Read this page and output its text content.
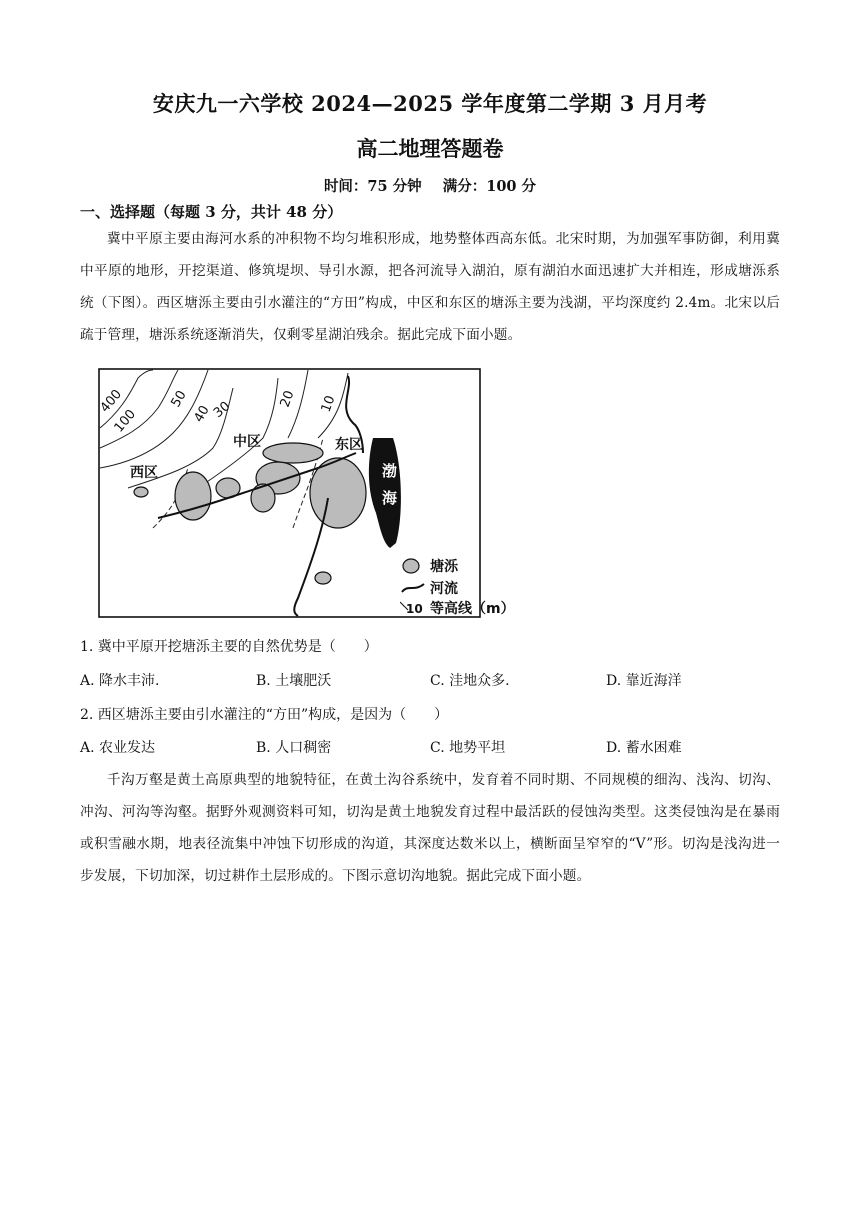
安庆九一六学校 2024—2025 学年度第二学期 3 月月考
高二地理答题卷
时间：75 分钟 满分：100 分
一、选择题（每题 3 分，共计 48 分）
冀中平原主要由海河水系的冲积物不均匀堆积形成，地势整体西高东低。北宋时期，为加强军事防御，利用冀中平原的地形，开挖渠道、修筑堤坝、导引水源，把各河流导入湖泊，原有湖泊水面迅速扩大并相连，形成塘泺系统（下图）。西区塘泺主要由引水灌注的“方田”构成，中区和东区的塘泺主要为浅湖，平均深度约 2.4m。北宋以后疏于管理，塘泺系统逐渐消失，仅剩零星湖泊残余。据此完成下面小题。
渤
海
400
100
50
40
30	20 10
西区
中区	东区
塘泺
河流
10 等高线（m）
1. 冀中平原开挖塘泺主要的自然优势是（　　）
A. 降水丰沛.	B. 土壤肥沃	C. 洼地众多.	D. 靠近海洋
2. 西区塘泺主要由引水灌注的“方田”构成，是因为（　　）
A. 农业发达	B. 人口稠密	C. 地势平坦	D. 蓄水困难
千沟万壑是黄土高原典型的地貌特征，在黄土沟谷系统中，发育着不同时期、不同规模的细沟、浅沟、切沟、冲沟、河沟等沟壑。据野外观测资料可知，切沟是黄土地貌发育过程中最活跃的侵蚀沟类型。这类侵蚀沟是在暴雨或积雪融水期，地表径流集中冲蚀下切形成的沟道，其深度达数米以上，横断面呈窄窄的“V”形。切沟是浅沟进一步发展，下切加深，切过耕作土层形成的。下图示意切沟地貌。据此完成下面小题。
